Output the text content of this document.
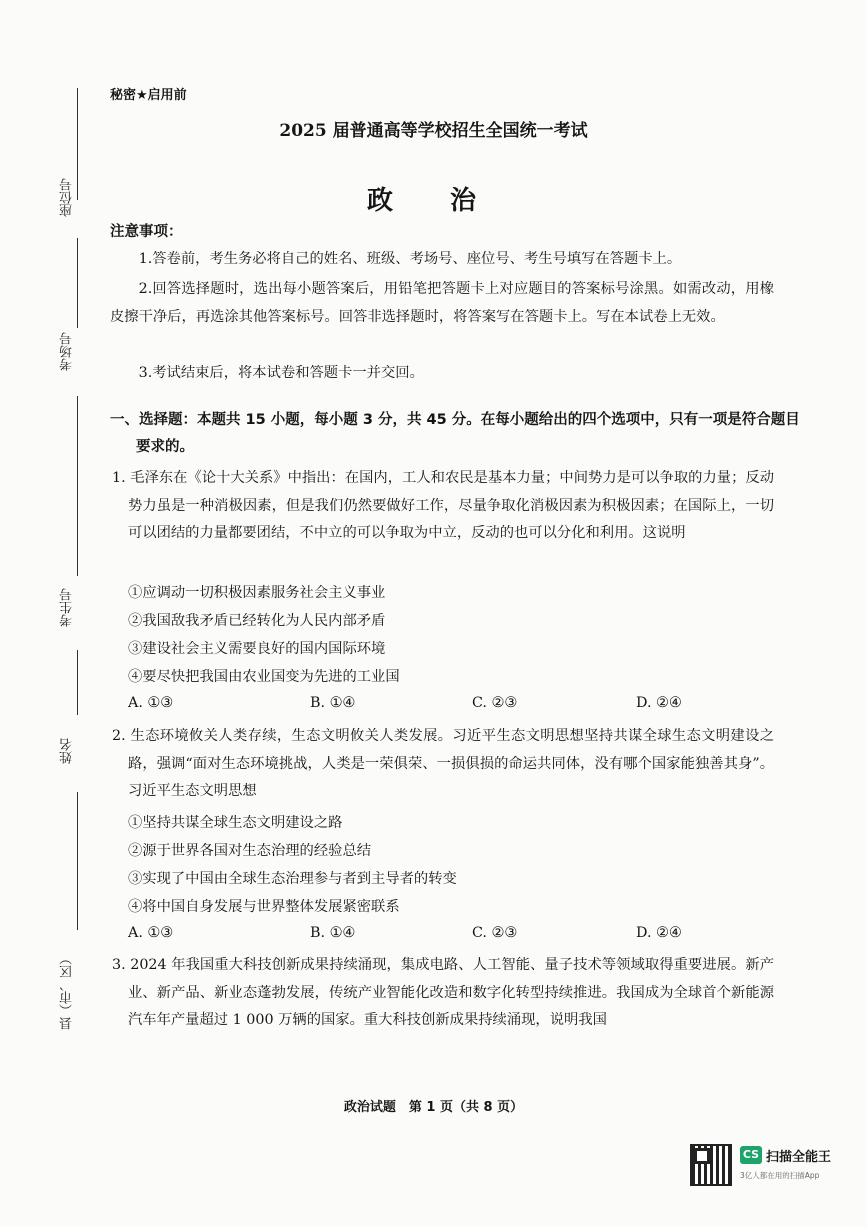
座位号
考场号
考生号
姓名
县（市、区）
秘密★启用前
2025 届普通高等学校招生全国统一考试
政 治
注意事项：
1.答卷前，考生务必将自己的姓名、班级、考场号、座位号、考生号填写在答题卡上。
2.回答选择题时，选出每小题答案后，用铅笔把答题卡上对应题目的答案标号涂黑。如需改动，用橡皮擦干净后，再选涂其他答案标号。回答非选择题时，将答案写在答题卡上。写在本试卷上无效。
3.考试结束后，将本试卷和答题卡一并交回。
一、选择题：本题共 15 小题，每小题 3 分，共 45 分。在每小题给出的四个选项中，只有一项是符合题目要求的。
1. 毛泽东在《论十大关系》中指出：在国内，工人和农民是基本力量；中间势力是可以争取的力量；反动势力虽是一种消极因素，但是我们仍然要做好工作，尽量争取化消极因素为积极因素；在国际上，一切可以团结的力量都要团结，不中立的可以争取为中立，反动的也可以分化和利用。这说明
①应调动一切积极因素服务社会主义事业
②我国敌我矛盾已经转化为人民内部矛盾
③建设社会主义需要良好的国内国际环境
④要尽快把我国由农业国变为先进的工业国
A. ①③	B. ①④	C. ②③	D. ②④
2. 生态环境攸关人类存续，生态文明攸关人类发展。习近平生态文明思想坚持共谋全球生态文明建设之路，强调“面对生态环境挑战，人类是一荣俱荣、一损俱损的命运共同体，没有哪个国家能独善其身”。习近平生态文明思想
①坚持共谋全球生态文明建设之路
②源于世界各国对生态治理的经验总结
③实现了中国由全球生态治理参与者到主导者的转变
④将中国自身发展与世界整体发展紧密联系
A. ①③	B. ①④	C. ②③	D. ②④
3. 2024 年我国重大科技创新成果持续涌现，集成电路、人工智能、量子技术等领域取得重要进展。新产业、新产品、新业态蓬勃发展，传统产业智能化改造和数字化转型持续推进。我国成为全球首个新能源汽车年产量超过 1 000 万辆的国家。重大科技创新成果持续涌现，说明我国
政治试题　第 1 页（共 8 页）
CS 扫描全能王
3亿人都在用的扫描App
